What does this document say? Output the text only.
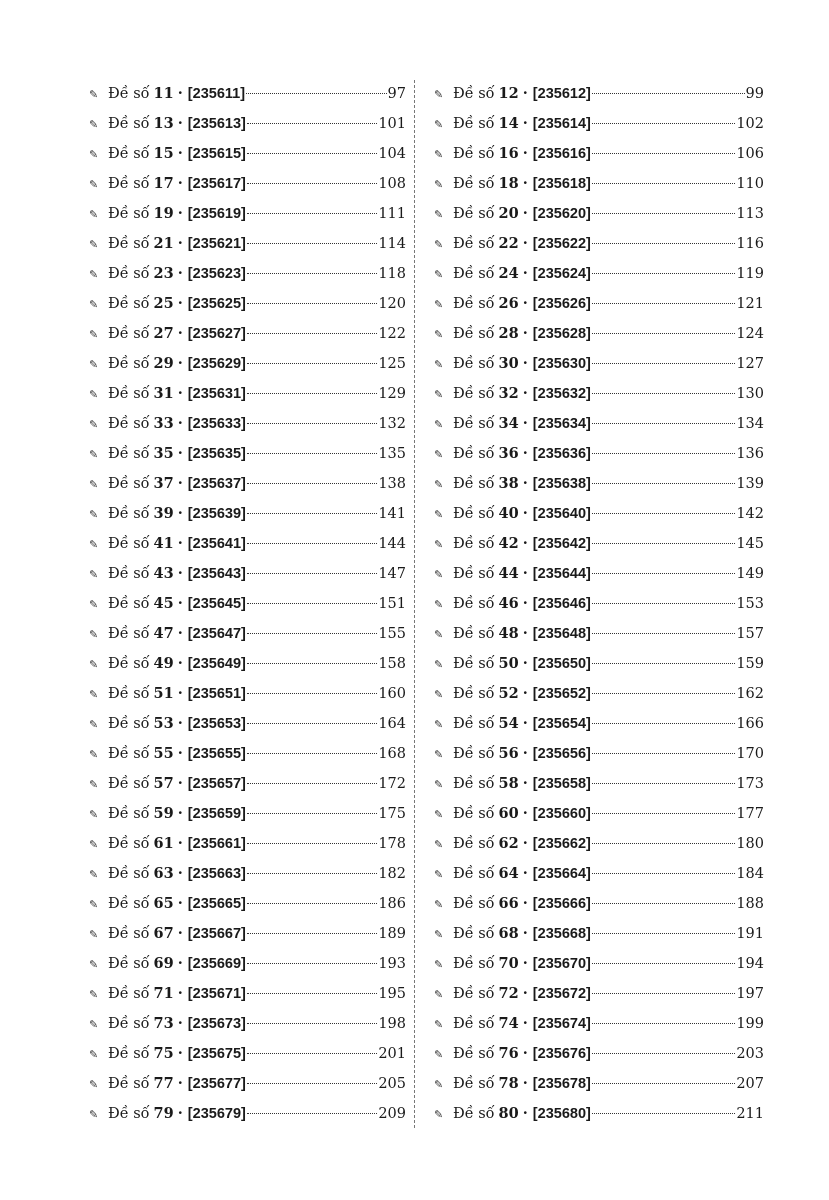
✎ Đề số 11 · [235611]	97
✎ Đề số 13 · [235613]	101
✎ Đề số 15 · [235615]	104
✎ Đề số 17 · [235617]	108
✎ Đề số 19 · [235619]	111
✎ Đề số 21 · [235621]	114
✎ Đề số 23 · [235623]	118
✎ Đề số 25 · [235625]	120
✎ Đề số 27 · [235627]	122
✎ Đề số 29 · [235629]	125
✎ Đề số 31 · [235631]	129
✎ Đề số 33 · [235633]	132
✎ Đề số 35 · [235635]	135
✎ Đề số 37 · [235637]	138
✎ Đề số 39 · [235639]	141
✎ Đề số 41 · [235641]	144
✎ Đề số 43 · [235643]	147
✎ Đề số 45 · [235645]	151
✎ Đề số 47 · [235647]	155
✎ Đề số 49 · [235649]	158
✎ Đề số 51 · [235651]	160
✎ Đề số 53 · [235653]	164
✎ Đề số 55 · [235655]	168
✎ Đề số 57 · [235657]	172
✎ Đề số 59 · [235659]	175
✎ Đề số 61 · [235661]	178
✎ Đề số 63 · [235663]	182
✎ Đề số 65 · [235665]	186
✎ Đề số 67 · [235667]	189
✎ Đề số 69 · [235669]	193
✎ Đề số 71 · [235671]	195
✎ Đề số 73 · [235673]	198
✎ Đề số 75 · [235675]	201
✎ Đề số 77 · [235677]	205
✎ Đề số 79 · [235679]	209
✎ Đề số 12 · [235612]	99
✎ Đề số 14 · [235614]	102
✎ Đề số 16 · [235616]	106
✎ Đề số 18 · [235618]	110
✎ Đề số 20 · [235620]	113
✎ Đề số 22 · [235622]	116
✎ Đề số 24 · [235624]	119
✎ Đề số 26 · [235626]	121
✎ Đề số 28 · [235628]	124
✎ Đề số 30 · [235630]	127
✎ Đề số 32 · [235632]	130
✎ Đề số 34 · [235634]	134
✎ Đề số 36 · [235636]	136
✎ Đề số 38 · [235638]	139
✎ Đề số 40 · [235640]	142
✎ Đề số 42 · [235642]	145
✎ Đề số 44 · [235644]	149
✎ Đề số 46 · [235646]	153
✎ Đề số 48 · [235648]	157
✎ Đề số 50 · [235650]	159
✎ Đề số 52 · [235652]	162
✎ Đề số 54 · [235654]	166
✎ Đề số 56 · [235656]	170
✎ Đề số 58 · [235658]	173
✎ Đề số 60 · [235660]	177
✎ Đề số 62 · [235662]	180
✎ Đề số 64 · [235664]	184
✎ Đề số 66 · [235666]	188
✎ Đề số 68 · [235668]	191
✎ Đề số 70 · [235670]	194
✎ Đề số 72 · [235672]	197
✎ Đề số 74 · [235674]	199
✎ Đề số 76 · [235676]	203
✎ Đề số 78 · [235678]	207
✎ Đề số 80 · [235680]	211
